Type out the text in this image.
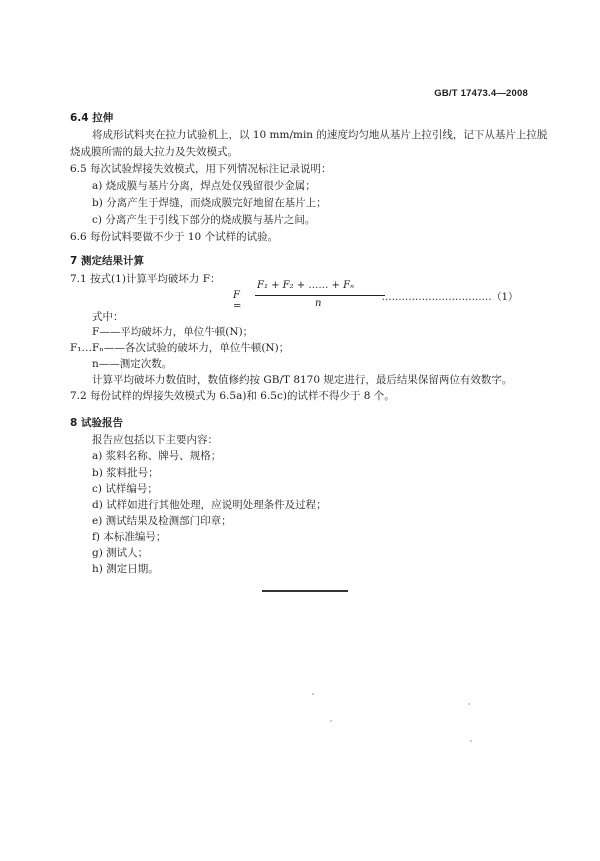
GB/T 17473.4—2008
6.4 拉伸
将成形试料夹在拉力试验机上，以 10 mm/min 的速度均匀地从基片上拉引线，记下从基片上拉脱
烧成膜所需的最大拉力及失效模式。
6.5 每次试验焊接失效模式，用下列情况标注记录说明：
a) 烧成膜与基片分离，焊点处仅残留很少金属；
b) 分离产生于焊缝，而烧成膜完好地留在基片上；
c) 分离产生于引线下部分的烧成膜与基片之间。
6.6 每份试料要做不少于 10 个试样的试验。
7 测定结果计算
7.1 按式(1)计算平均破坏力 F：
F =
F₁ + F₂ + …… + Fₙ
n
……………………………（1）
式中：
F——平均破坏力，单位牛顿(N)；
F₁…Fₙ——各次试验的破坏力，单位牛顿(N)；
n——测定次数。
计算平均破坏力数值时，数值修约按 GB/T 8170 规定进行，最后结果保留两位有效数字。
7.2 每份试样的焊接失效模式为 6.5a)和 6.5c)的试样不得少于 8 个。
8 试验报告
报告应包括以下主要内容：
a) 浆料名称、牌号、规格；
b) 浆料批号；
c) 试样编号；
d) 试样如进行其他处理，应说明处理条件及过程；
e) 测试结果及检测部门印章；
f) 本标准编号；
g) 测试人；
h) 测定日期。
